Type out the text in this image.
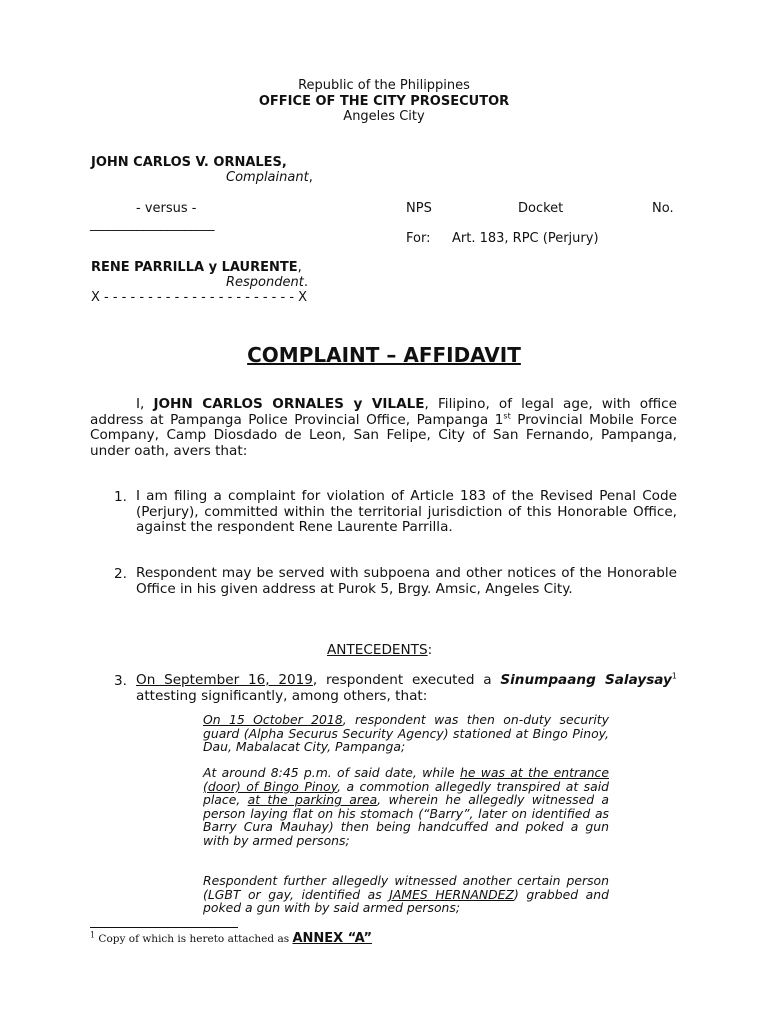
Republic of the Philippines
OFFICE OF THE CITY PROSECUTOR
Angeles City
JOHN CARLOS V. ORNALES,
Complainant,
- versus -	NPS	Docket	No.
_____________________
For: Art. 183, RPC (Perjury)
RENE PARRILLA y LAURENTE,
Respondent.
X - - - - - - - - - - - - - - - - - - - - - - X
COMPLAINT – AFFIDAVIT
I, JOHN CARLOS ORNALES y VILALE, Filipino, of legal age, with office address at Pampanga Police Provincial Office, Pampanga 1st Provincial Mobile Force Company, Camp Diosdado de Leon, San Felipe, City of San Fernando, Pampanga, under oath, avers that:
1. I am filing a complaint for violation of Article 183 of the Revised Penal Code (Perjury), committed within the territorial jurisdiction of this Honorable Office, against the respondent Rene Laurente Parrilla.
2. Respondent may be served with subpoena and other notices of the Honorable Office in his given address at Purok 5, Brgy. Amsic, Angeles City.
ANTECEDENTS:
3. On September 16, 2019, respondent executed a Sinumpaang Salaysay$^1$ attesting significantly, among others, that:
On 15 October 2018, respondent was then on-duty security guard (Alpha Securus Security Agency) stationed at Bingo Pinoy, Dau, Mabalacat City, Pampanga;
At around 8:45 p.m. of said date, while he was at the entrance (door) of Bingo Pinoy, a commotion allegedly transpired at said place, at the parking area, wherein he allegedly witnessed a person laying flat on his stomach (“Barry”, later on identified as Barry Cura Mauhay) then being handcuffed and poked a gun with by armed persons;
Respondent further allegedly witnessed another certain person (LGBT or gay, identified as JAMES HERNANDEZ) grabbed and poked a gun with by said armed persons;
$^1$ Copy of which is hereto attached as ANNEX “A”
